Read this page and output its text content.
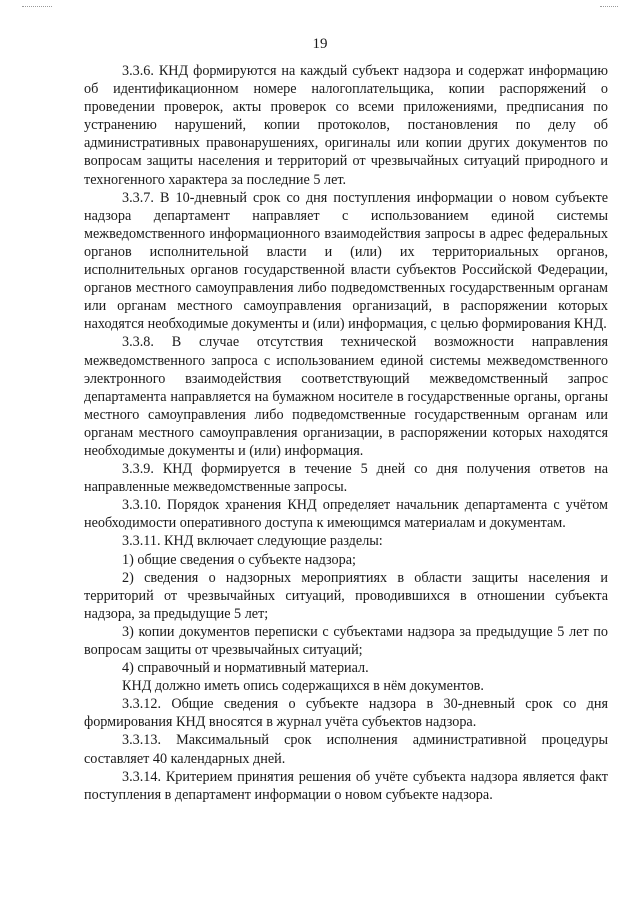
19

3.3.6. КНД формируются на каждый субъект надзора и содержат информацию об идентификационном номере налогоплательщика, копии распоряжений о проведении проверок, акты проверок со всеми приложениями, предписания по устранению нарушений, копии протоколов, постановления по делу об административных правонарушениях, оригиналы или копии других документов по вопросам защиты населения и территорий от чрезвычайных ситуаций природного и техногенного характера за последние 5 лет.

3.3.7. В 10-дневный срок со дня поступления информации о новом субъекте надзора департамент направляет с использованием единой системы межведомственного информационного взаимодействия запросы в адрес федеральных органов исполнительной власти и (или) их территориальных органов, исполнительных органов государственной власти субъектов Российской Федерации, органов местного самоуправления либо подведомственных государственным органам или органам местного самоуправления организаций, в распоряжении которых находятся необходимые документы и (или) информация, с целью формирования КНД.

3.3.8. В случае отсутствия технической возможности направления межведомственного запроса с использованием единой системы межведомственного электронного взаимодействия соответствующий межведомственный запрос департамента направляется на бумажном носителе в государственные органы, органы местного самоуправления либо подведомственные государственным органам или органам местного самоуправления организации, в распоряжении которых находятся необходимые документы и (или) информация.

3.3.9. КНД формируется в течение 5 дней со дня получения ответов на направленные межведомственные запросы.

3.3.10. Порядок хранения КНД определяет начальник департамента с учётом необходимости оперативного доступа к имеющимся материалам и документам.

3.3.11. КНД включает следующие разделы:

1) общие сведения о субъекте надзора;

2) сведения о надзорных мероприятиях в области защиты населения и территорий от чрезвычайных ситуаций, проводившихся в отношении субъекта надзора, за предыдущие 5 лет;

3) копии документов переписки с субъектами надзора за предыдущие 5 лет по вопросам защиты от чрезвычайных ситуаций;

4) справочный и нормативный материал.

КНД должно иметь опись содержащихся в нём документов.

3.3.12. Общие сведения о субъекте надзора в 30-дневный срок со дня формирования КНД вносятся в журнал учёта субъектов надзора.

3.3.13. Максимальный срок исполнения административной процедуры составляет 40 календарных дней.

3.3.14. Критерием принятия решения об учёте субъекта надзора является факт поступления в департамент информации о новом субъекте надзора.
